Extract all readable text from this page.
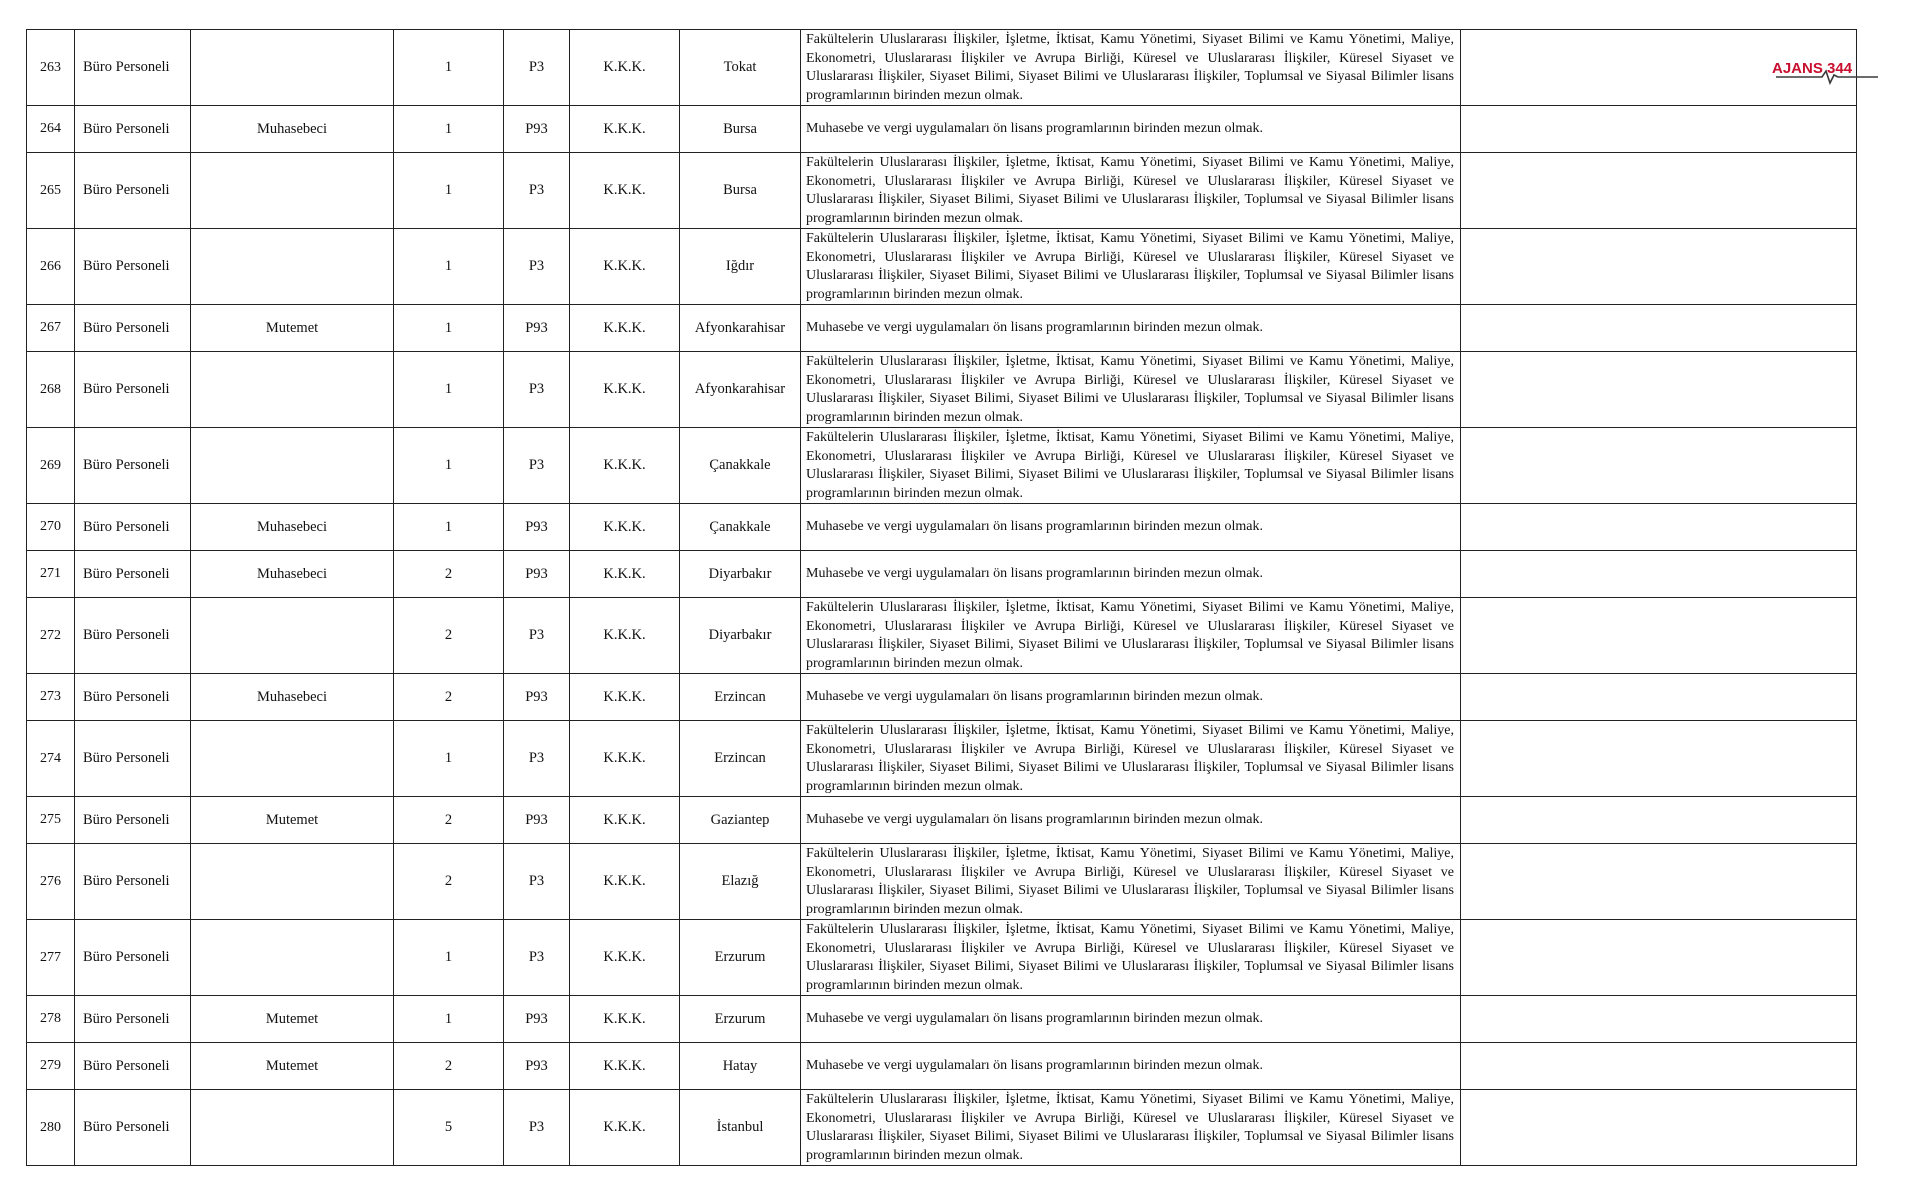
263	Büro Personeli		1	P3	K.K.K.	Tokat	Fakültelerin Uluslararası İlişkiler, İşletme, İktisat, Kamu Yönetimi, Siyaset Bilimi ve Kamu Yönetimi, Maliye, Ekonometri, Uluslararası İlişkiler ve Avrupa Birliği, Küresel ve Uluslararası İlişkiler, Küresel Siyaset ve Uluslararası İlişkiler, Siyaset Bilimi, Siyaset Bilimi ve Uluslararası İlişkiler, Toplumsal ve Siyasal Bilimler lisans programlarının birinden mezun olmak.	
264	Büro Personeli	Muhasebeci	1	P93	K.K.K.	Bursa	Muhasebe ve vergi uygulamaları ön lisans programlarının birinden mezun olmak.	
265	Büro Personeli		1	P3	K.K.K.	Bursa	Fakültelerin Uluslararası İlişkiler, İşletme, İktisat, Kamu Yönetimi, Siyaset Bilimi ve Kamu Yönetimi, Maliye, Ekonometri, Uluslararası İlişkiler ve Avrupa Birliği, Küresel ve Uluslararası İlişkiler, Küresel Siyaset ve Uluslararası İlişkiler, Siyaset Bilimi, Siyaset Bilimi ve Uluslararası İlişkiler, Toplumsal ve Siyasal Bilimler lisans programlarının birinden mezun olmak.	
266	Büro Personeli		1	P3	K.K.K.	Iğdır	Fakültelerin Uluslararası İlişkiler, İşletme, İktisat, Kamu Yönetimi, Siyaset Bilimi ve Kamu Yönetimi, Maliye, Ekonometri, Uluslararası İlişkiler ve Avrupa Birliği, Küresel ve Uluslararası İlişkiler, Küresel Siyaset ve Uluslararası İlişkiler, Siyaset Bilimi, Siyaset Bilimi ve Uluslararası İlişkiler, Toplumsal ve Siyasal Bilimler lisans programlarının birinden mezun olmak.	
267	Büro Personeli	Mutemet	1	P93	K.K.K.	Afyonkarahisar	Muhasebe ve vergi uygulamaları ön lisans programlarının birinden mezun olmak.	
268	Büro Personeli		1	P3	K.K.K.	Afyonkarahisar	Fakültelerin Uluslararası İlişkiler, İşletme, İktisat, Kamu Yönetimi, Siyaset Bilimi ve Kamu Yönetimi, Maliye, Ekonometri, Uluslararası İlişkiler ve Avrupa Birliği, Küresel ve Uluslararası İlişkiler, Küresel Siyaset ve Uluslararası İlişkiler, Siyaset Bilimi, Siyaset Bilimi ve Uluslararası İlişkiler, Toplumsal ve Siyasal Bilimler lisans programlarının birinden mezun olmak.	
269	Büro Personeli		1	P3	K.K.K.	Çanakkale	Fakültelerin Uluslararası İlişkiler, İşletme, İktisat, Kamu Yönetimi, Siyaset Bilimi ve Kamu Yönetimi, Maliye, Ekonometri, Uluslararası İlişkiler ve Avrupa Birliği, Küresel ve Uluslararası İlişkiler, Küresel Siyaset ve Uluslararası İlişkiler, Siyaset Bilimi, Siyaset Bilimi ve Uluslararası İlişkiler, Toplumsal ve Siyasal Bilimler lisans programlarının birinden mezun olmak.	
270	Büro Personeli	Muhasebeci	1	P93	K.K.K.	Çanakkale	Muhasebe ve vergi uygulamaları ön lisans programlarının birinden mezun olmak.	
271	Büro Personeli	Muhasebeci	2	P93	K.K.K.	Diyarbakır	Muhasebe ve vergi uygulamaları ön lisans programlarının birinden mezun olmak.	
272	Büro Personeli		2	P3	K.K.K.	Diyarbakır	Fakültelerin Uluslararası İlişkiler, İşletme, İktisat, Kamu Yönetimi, Siyaset Bilimi ve Kamu Yönetimi, Maliye, Ekonometri, Uluslararası İlişkiler ve Avrupa Birliği, Küresel ve Uluslararası İlişkiler, Küresel Siyaset ve Uluslararası İlişkiler, Siyaset Bilimi, Siyaset Bilimi ve Uluslararası İlişkiler, Toplumsal ve Siyasal Bilimler lisans programlarının birinden mezun olmak.	
273	Büro Personeli	Muhasebeci	2	P93	K.K.K.	Erzincan	Muhasebe ve vergi uygulamaları ön lisans programlarının birinden mezun olmak.	
274	Büro Personeli		1	P3	K.K.K.	Erzincan	Fakültelerin Uluslararası İlişkiler, İşletme, İktisat, Kamu Yönetimi, Siyaset Bilimi ve Kamu Yönetimi, Maliye, Ekonometri, Uluslararası İlişkiler ve Avrupa Birliği, Küresel ve Uluslararası İlişkiler, Küresel Siyaset ve Uluslararası İlişkiler, Siyaset Bilimi, Siyaset Bilimi ve Uluslararası İlişkiler, Toplumsal ve Siyasal Bilimler lisans programlarının birinden mezun olmak.	
275	Büro Personeli	Mutemet	2	P93	K.K.K.	Gaziantep	Muhasebe ve vergi uygulamaları ön lisans programlarının birinden mezun olmak.	
276	Büro Personeli		2	P3	K.K.K.	Elazığ	Fakültelerin Uluslararası İlişkiler, İşletme, İktisat, Kamu Yönetimi, Siyaset Bilimi ve Kamu Yönetimi, Maliye, Ekonometri, Uluslararası İlişkiler ve Avrupa Birliği, Küresel ve Uluslararası İlişkiler, Küresel Siyaset ve Uluslararası İlişkiler, Siyaset Bilimi, Siyaset Bilimi ve Uluslararası İlişkiler, Toplumsal ve Siyasal Bilimler lisans programlarının birinden mezun olmak.	
277	Büro Personeli		1	P3	K.K.K.	Erzurum	Fakültelerin Uluslararası İlişkiler, İşletme, İktisat, Kamu Yönetimi, Siyaset Bilimi ve Kamu Yönetimi, Maliye, Ekonometri, Uluslararası İlişkiler ve Avrupa Birliği, Küresel ve Uluslararası İlişkiler, Küresel Siyaset ve Uluslararası İlişkiler, Siyaset Bilimi, Siyaset Bilimi ve Uluslararası İlişkiler, Toplumsal ve Siyasal Bilimler lisans programlarının birinden mezun olmak.	
278	Büro Personeli	Mutemet	1	P93	K.K.K.	Erzurum	Muhasebe ve vergi uygulamaları ön lisans programlarının birinden mezun olmak.	
279	Büro Personeli	Mutemet	2	P93	K.K.K.	Hatay	Muhasebe ve vergi uygulamaları ön lisans programlarının birinden mezun olmak.	
280	Büro Personeli		5	P3	K.K.K.	İstanbul	Fakültelerin Uluslararası İlişkiler, İşletme, İktisat, Kamu Yönetimi, Siyaset Bilimi ve Kamu Yönetimi, Maliye, Ekonometri, Uluslararası İlişkiler ve Avrupa Birliği, Küresel ve Uluslararası İlişkiler, Küresel Siyaset ve Uluslararası İlişkiler, Siyaset Bilimi, Siyaset Bilimi ve Uluslararası İlişkiler, Toplumsal ve Siyasal Bilimler lisans programlarının birinden mezun olmak.	
AJANS 344
